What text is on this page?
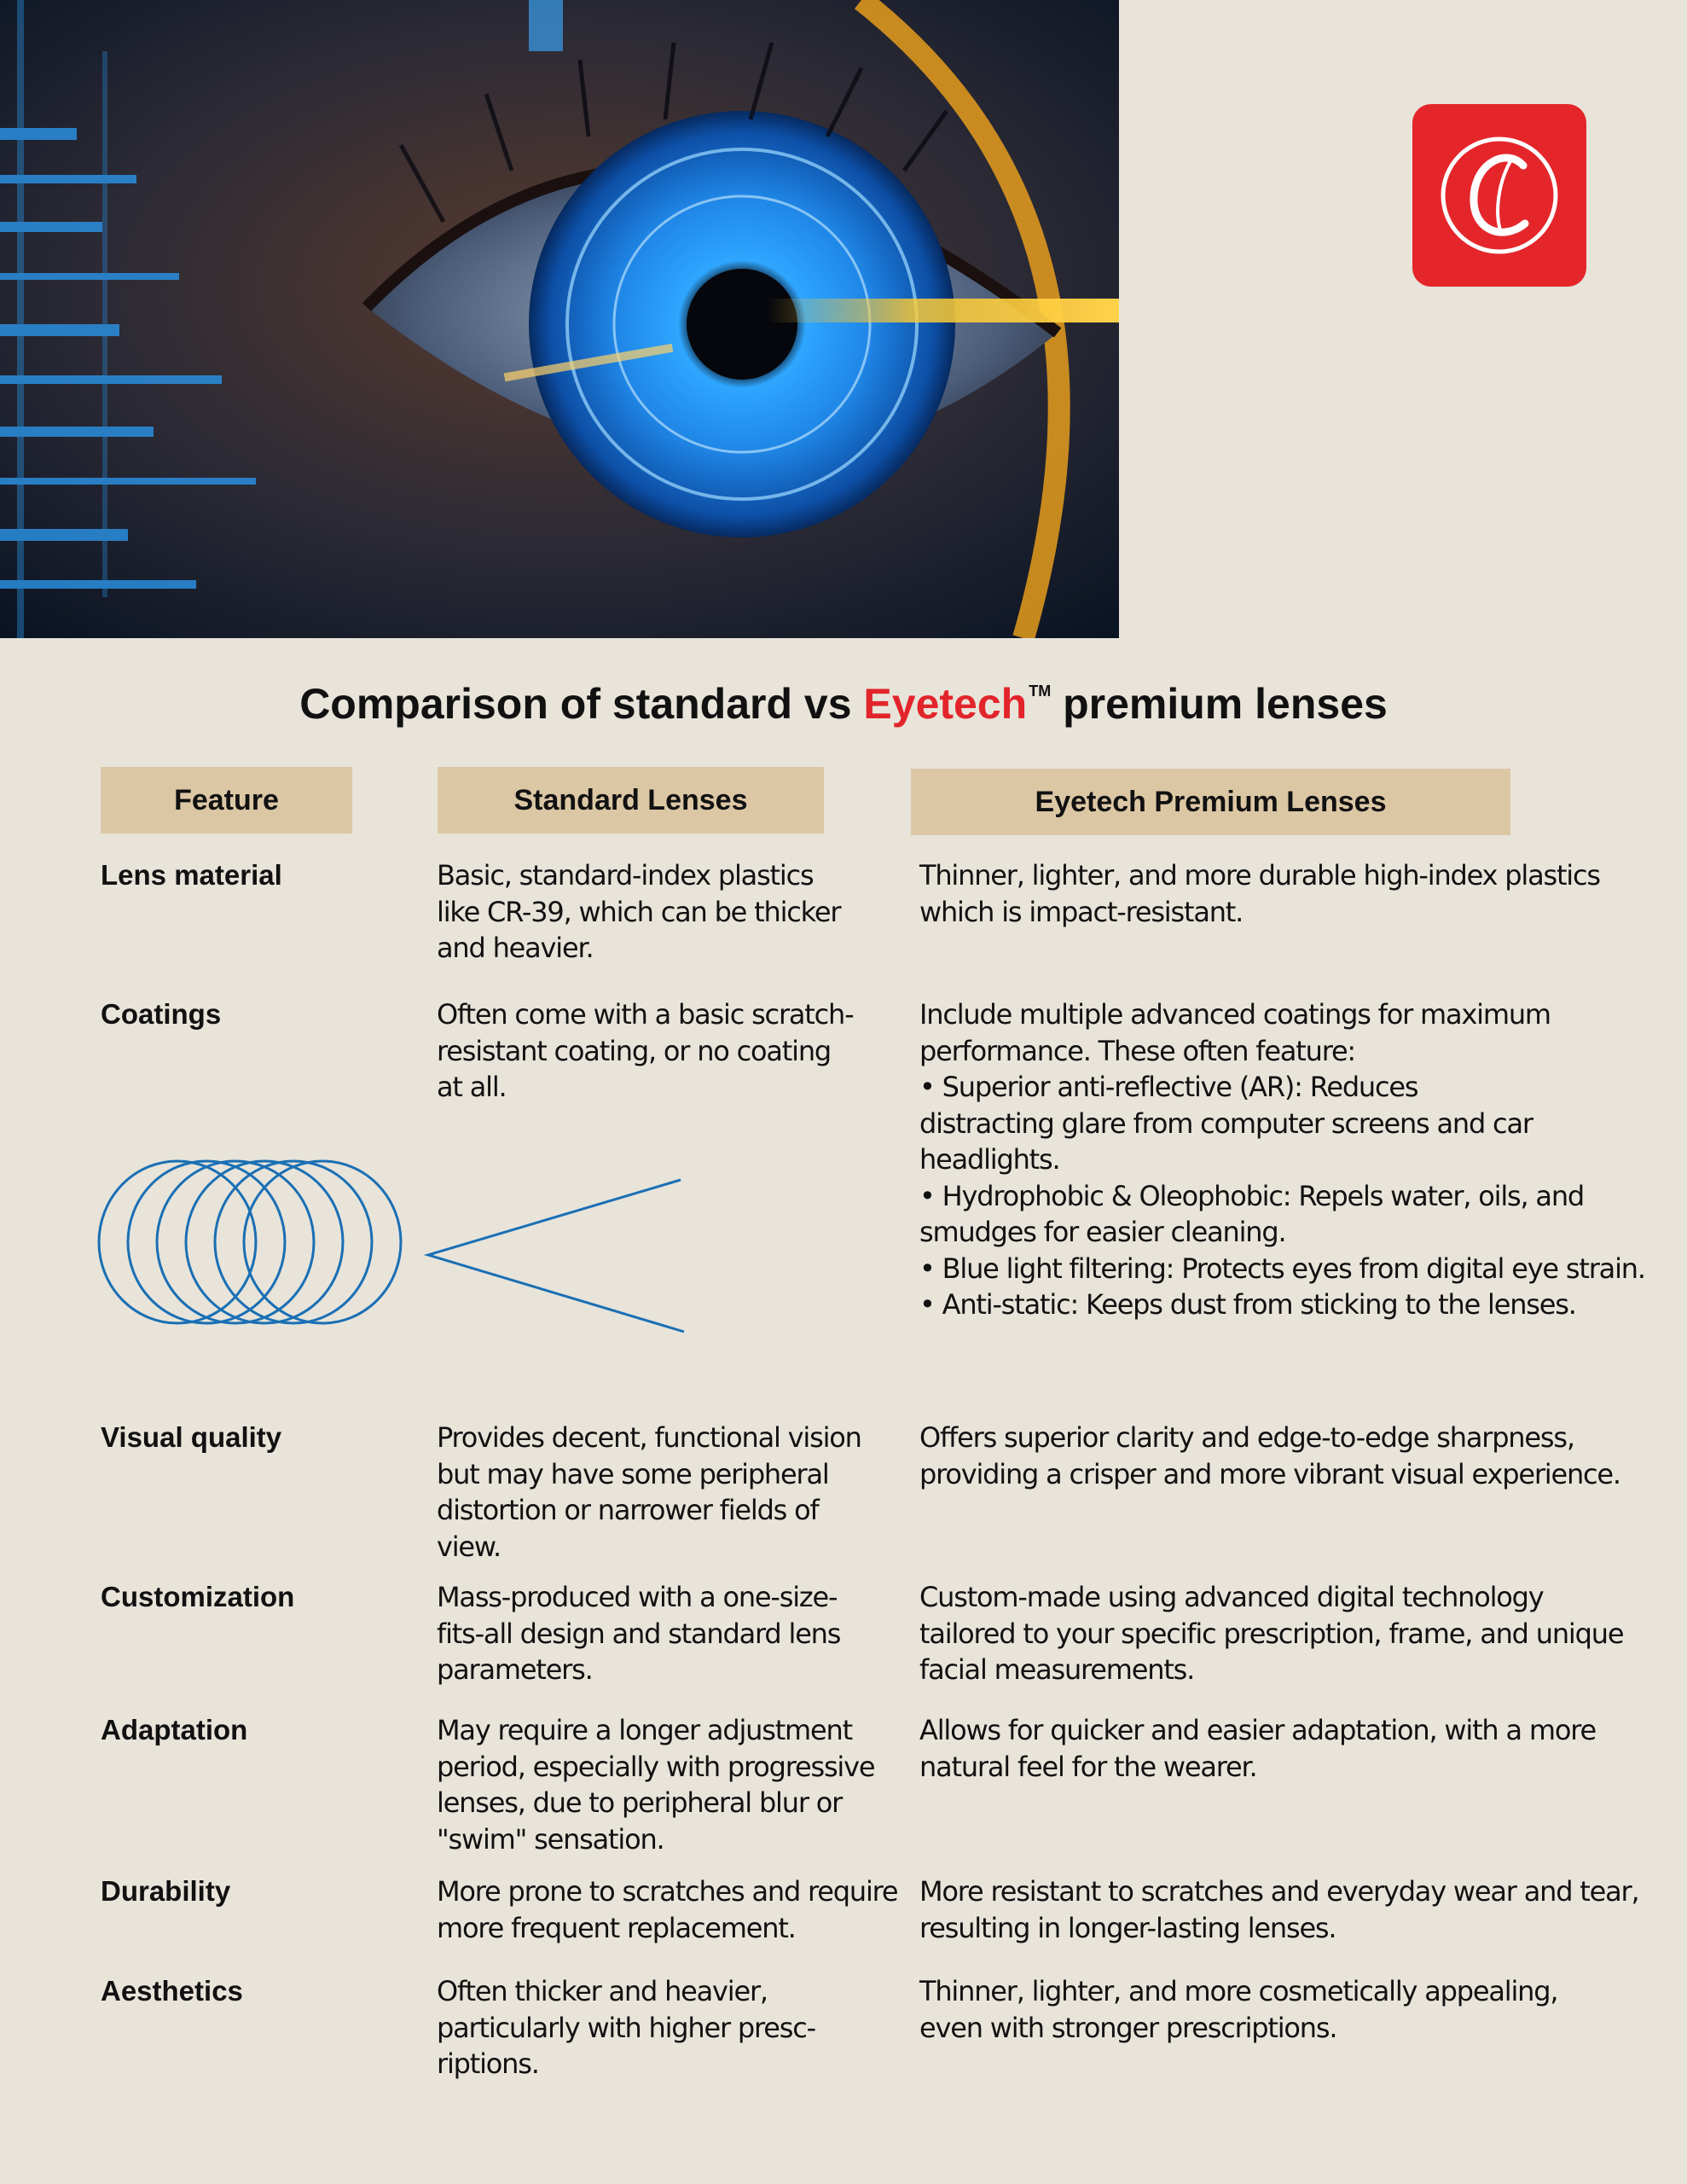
Comparison of standard vs Eyetech ™ premium lenses
Feature	Standard Lenses	Eyetech Premium Lenses
Lens material
Coatings
Visual quality
Customization
Adaptation
Durability
Aesthetics
Basic, standard-index plastics
like CR-39, which can be thicker
and heavier.
Often come with a basic scratch-
resistant coating, or no coating
at all.
Provides decent, functional vision
but may have some peripheral
distortion or narrower fields of
view.
Mass-produced with a one-size-
fits-all design and standard lens
parameters.
May require a longer adjustment
period, especially with progressive
lenses, due to peripheral blur or
"swim" sensation.
More prone to scratches and require
more frequent replacement.
Often thicker and heavier,
particularly with higher presc-
riptions.
Thinner, lighter, and more durable high-index plastics
which is impact-resistant.
Include multiple advanced coatings for maximum
performance. These often feature:
• Superior anti-reflective (AR): Reduces
distracting glare from computer screens and car
headlights.
• Hydrophobic & Oleophobic: Repels water, oils, and
smudges for easier cleaning.
• Blue light filtering: Protects eyes from digital eye strain.
• Anti-static: Keeps dust from sticking to the lenses.
Offers superior clarity and edge-to-edge sharpness,
providing a crisper and more vibrant visual experience.
Custom-made using advanced digital technology
tailored to your specific prescription, frame, and unique
facial measurements.
Allows for quicker and easier adaptation, with a more
natural feel for the wearer.
More resistant to scratches and everyday wear and tear,
resulting in longer-lasting lenses.
Thinner, lighter, and more cosmetically appealing,
even with stronger prescriptions.
